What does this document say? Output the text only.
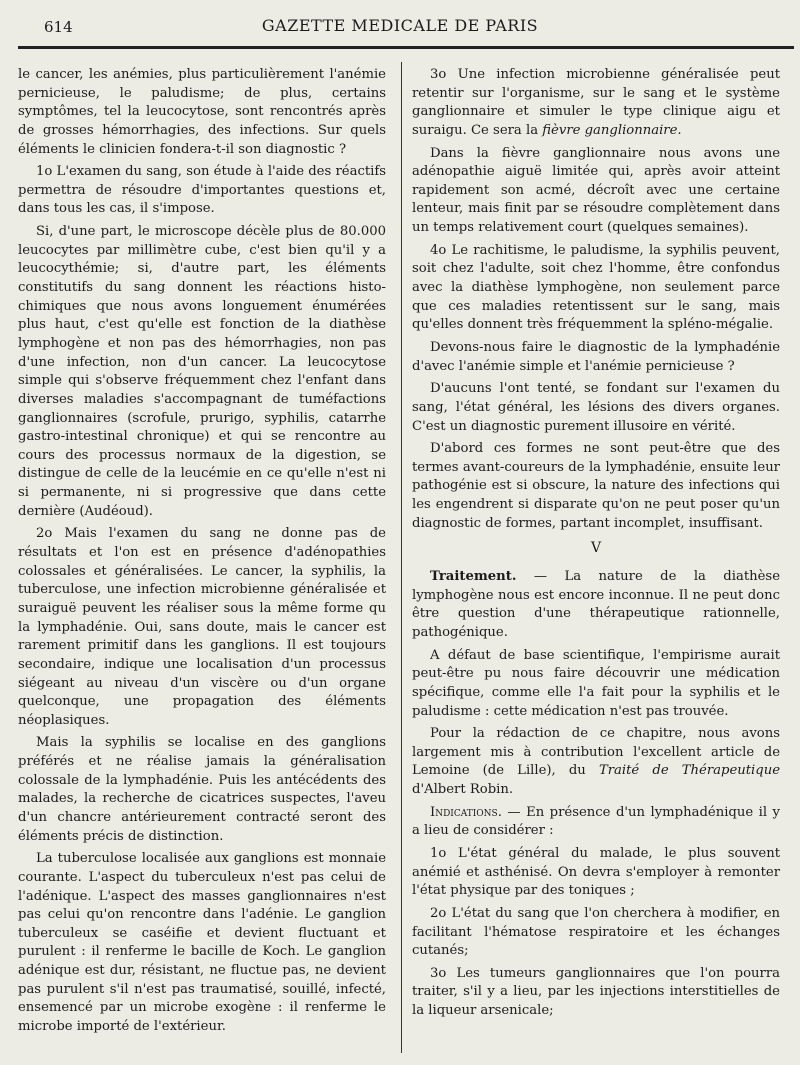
614	GAZETTE MEDICALE DE PARIS

le cancer, les anémies, plus particulièrement l'anémie pernicieuse, le paludisme; de plus, certains symptômes, tel la leucocytose, sont rencontrés après de grosses hémorrhagies, des infections. Sur quels éléments le clinicien fondera-t-il son diagnostic ?

1o L'examen du sang, son étude à l'aide des réactifs permettra de résoudre d'importantes questions et, dans tous les cas, il s'impose.

Si, d'une part, le microscope décèle plus de 80.000 leucocytes par millimètre cube, c'est bien qu'il y a leucocythémie; si, d'autre part, les éléments constitutifs du sang donnent les réactions histo-chimiques que nous avons longuement énumérées plus haut, c'est qu'elle est fonction de la diathèse lymphogène et non pas des hémorrhagies, non pas d'une infection, non d'un cancer. La leucocytose simple qui s'observe fréquemment chez l'enfant dans diverses maladies s'accompagnant de tuméfactions ganglionnaires (scrofule, prurigo, syphilis, catarrhe gastro-intestinal chronique) et qui se rencontre au cours des processus normaux de la digestion, se distingue de celle de la leucémie en ce qu'elle n'est ni si permanente, ni si progressive que dans cette dernière (Audéoud).

2o Mais l'examen du sang ne donne pas de résultats et l'on est en présence d'adénopathies colossales et généralisées. Le cancer, la syphilis, la tuberculose, une infection microbienne généralisée et suraiguë peuvent les réaliser sous la même forme qu la lymphadénie. Oui, sans doute, mais le cancer est rarement primitif dans les ganglions. Il est toujours secondaire, indique une localisation d'un processus siégeant au niveau d'un viscère ou d'un organe quelconque, une propagation des éléments néoplasiques.

Mais la syphilis se localise en des ganglions préférés et ne réalise jamais la généralisation colossale de la lymphadénie. Puis les antécédents des malades, la recherche de cicatrices suspectes, l'aveu d'un chancre antérieurement contracté seront des éléments précis de distinction.

La tuberculose localisée aux ganglions est monnaie courante. L'aspect du tuberculeux n'est pas celui de l'adénique. L'aspect des masses ganglionnaires n'est pas celui qu'on rencontre dans l'adénie. Le ganglion tuberculeux se caséifie et devient fluctuant et purulent : il renferme le bacille de Koch. Le ganglion adénique est dur, résistant, ne fluctue pas, ne devient pas purulent s'il n'est pas traumatisé, souillé, infecté, ensemencé par un microbe exogène : il renferme le microbe importé de l'extérieur.

3o Une infection microbienne généralisée peut retentir sur l'organisme, sur le sang et le système ganglionnaire et simuler le type clinique aigu et suraigu. Ce sera la fièvre ganglionnaire.

Dans la fièvre ganglionnaire nous avons une adénopathie aiguë limitée qui, après avoir atteint rapidement son acmé, décroît avec une certaine lenteur, mais finit par se résoudre complètement dans un temps relativement court (quelques semaines).

4o Le rachitisme, le paludisme, la syphilis peuvent, soit chez l'adulte, soit chez l'homme, être confondus avec la diathèse lymphogène, non seulement parce que ces maladies retentissent sur le sang, mais qu'elles donnent très fréquemment la spléno-mégalie.

Devons-nous faire le diagnostic de la lymphadénie d'avec l'anémie simple et l'anémie pernicieuse ?

D'aucuns l'ont tenté, se fondant sur l'examen du sang, l'état général, les lésions des divers organes. C'est un diagnostic purement illusoire en vérité.

D'abord ces formes ne sont peut-être que des termes avant-coureurs de la lymphadénie, ensuite leur pathogénie est si obscure, la nature des infections qui les engendrent si disparate qu'on ne peut poser qu'un diagnostic de formes, partant incomplet, insuffisant.

V

Traitement. — La nature de la diathèse lymphogène nous est encore inconnue. Il ne peut donc être question d'une thérapeutique rationnelle, pathogénique.

A défaut de base scientifique, l'empirisme aurait peut-être pu nous faire découvrir une médication spécifique, comme elle l'a fait pour la syphilis et le paludisme : cette médication n'est pas trouvée.

Pour la rédaction de ce chapitre, nous avons largement mis à contribution l'excellent article de Lemoine (de Lille), du Traité de Thérapeutique d'Albert Robin.

Indications. — En présence d'un lymphadénique il y a lieu de considérer :

1o L'état général du malade, le plus souvent anémié et asthénisé. On devra s'employer à remonter l'état physique par des toniques ;

2o L'état du sang que l'on cherchera à modifier, en facilitant l'hématose respiratoire et les échanges cutanés;

3o Les tumeurs ganglionnaires que l'on pourra traiter, s'il y a lieu, par les injections interstitielles de la liqueur arsenicale;
